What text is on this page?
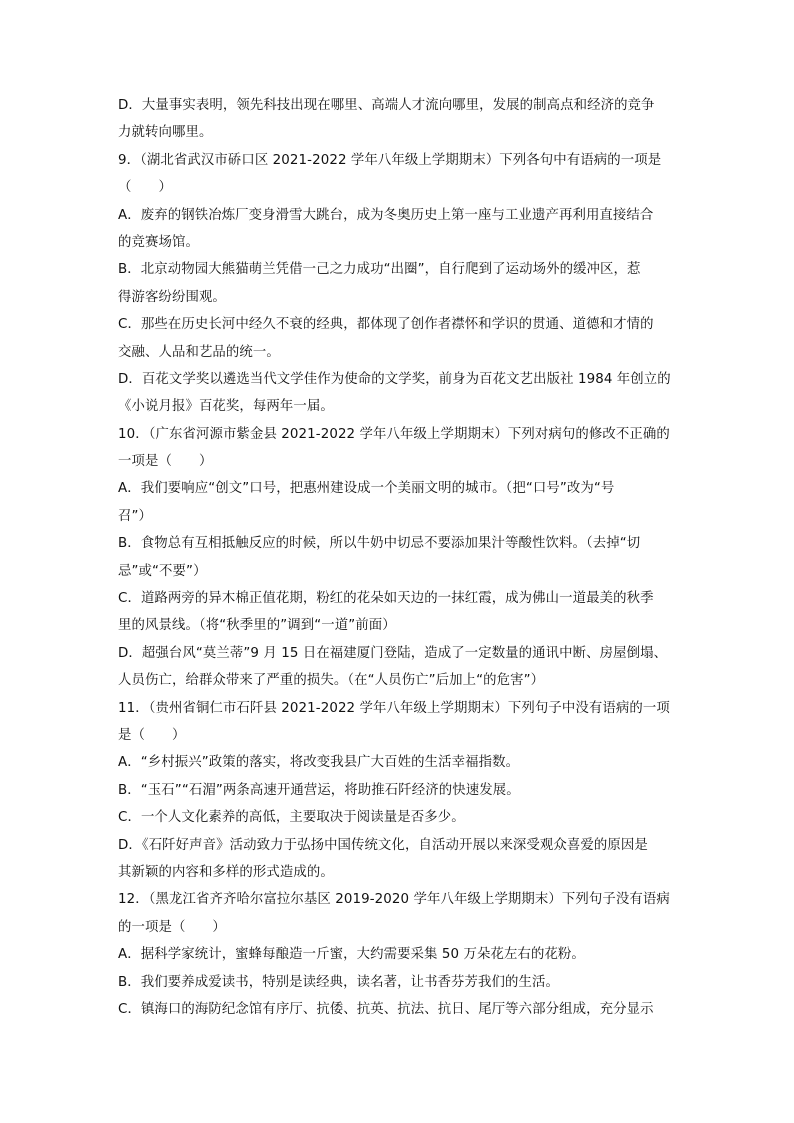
D．大量事实表明，领先科技出现在哪里、高端人才流向哪里，发展的制高点和经济的竞争
力就转向哪里。
9．（湖北省武汉市硚口区 2021-2022 学年八年级上学期期末）下列各句中有语病的一项是
（　　）
A．废弃的钢铁冶炼厂变身滑雪大跳台，成为冬奥历史上第一座与工业遗产再利用直接结合
的竞赛场馆。
B．北京动物园大熊猫萌兰凭借一己之力成功“出圈”，自行爬到了运动场外的缓冲区，惹
得游客纷纷围观。
C．那些在历史长河中经久不衰的经典，都体现了创作者襟怀和学识的贯通、道德和才情的
交融、人品和艺品的统一。
D．百花文学奖以遴选当代文学佳作为使命的文学奖，前身为百花文艺出版社 1984 年创立的
《小说月报》百花奖，每两年一届。
10．（广东省河源市紫金县 2021-2022 学年八年级上学期期末）下列对病句的修改不正确的
一项是（　　）
A．我们要响应“创文”口号，把惠州建设成一个美丽文明的城市。（把“口号”改为“号
召”）
B．食物总有互相抵触反应的时候，所以牛奶中切忌不要添加果汁等酸性饮料。（去掉“切
忌”或“不要”）
C．道路两旁的异木棉正值花期，粉红的花朵如天边的一抹红霞，成为佛山一道最美的秋季
里的风景线。（将“秋季里的”调到“一道”前面）
D．超强台风“莫兰蒂”9 月 15 日在福建厦门登陆，造成了一定数量的通讯中断、房屋倒塌、
人员伤亡，给群众带来了严重的损失。（在“人员伤亡”后加上“的危害”）
11．（贵州省铜仁市石阡县 2021-2022 学年八年级上学期期末）下列句子中没有语病的一项
是（　　）
A．“乡村振兴”政策的落实，将改变我县广大百姓的生活幸福指数。
B．“玉石”“石湄”两条高速开通营运，将助推石阡经济的快速发展。
C．一个人文化素养的高低，主要取决于阅读量是否多少。
D．《石阡好声音》活动致力于弘扬中国传统文化，自活动开展以来深受观众喜爱的原因是
其新颖的内容和多样的形式造成的。
12．（黑龙江省齐齐哈尔富拉尔基区 2019-2020 学年八年级上学期期末）下列句子没有语病
的一项是（　　）
A．据科学家统计，蜜蜂每酿造一斤蜜，大约需要采集 50 万朵花左右的花粉。
B．我们要养成爱读书，特别是读经典，读名著，让书香芬芳我们的生活。
C．镇海口的海防纪念馆有序厅、抗倭、抗英、抗法、抗日、尾厅等六部分组成，充分显示
